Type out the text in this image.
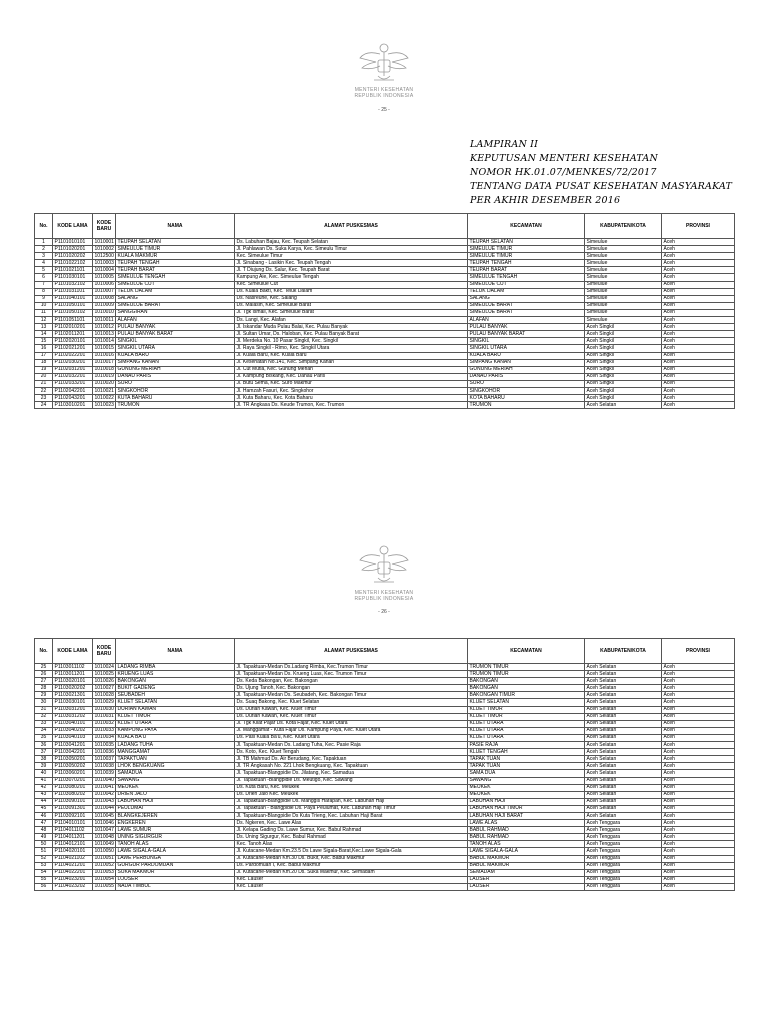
MENTERI KESEHATAN
REPUBLIK INDONESIA
- 25 -
LAMPIRAN II
KEPUTUSAN MENTERI KESEHATAN
NOMOR HK.01.07/MENKES/72/2017
TENTANG DATA PUSAT KESEHATAN MASYARAKAT
PER AKHIR DESEMBER 2016
No.	KODE LAMA	KODE BARU	NAMA	ALAMAT PUSKESMAS	KECAMATAN	KABUPATEN/KOTA	PROVINSI
1	P1101010101	1010001	TEUPAH SELATAN	Ds. Labuhan Bajau, Kec. Teupah Selatan	TEUPAH SELATAN	Simeulue	Aceh
2	P1101020201	1010002	SIMEULUE TIMUR	Jl. Pahlawan Ds. Suka Karya, Kec. Simeulu Timur	SIMEULUE TIMUR	Simeulue	Aceh
3	P1101020202	1012500	KUALA MAKMUR	Kec. Simeulue Timur	SIMEULUE TIMUR	Simeulue	Aceh
4	P1101022102	1010003	TEUPAH TENGAH	Jl. Sinabang - Lasikin Kec. Teupah Tengah	TEUPAH TENGAH	Simeulue	Aceh
5	P1101021101	1010004	TEUPAH BARAT	Jl. T Diujung Ds. Salur, Kec. Teupah Barat	TEUPAH BARAT	Simeulue	Aceh
6	P1101030101	1010005	SIMEULUE TENGAH	Kampung Aie, Kec. Simeulue Tengah	SIMEULUE TENGAH	Simeulue	Aceh
7	P1101032102	1010006	SIMEULUE CUT	Kec. Simeulue Cut	SIMEULUE CUT	Simeulue	Aceh
8	P1101031101	1010007	TELUK DALAM	Ds. Kuala Bakti, Kec. Teluk Dalam	TELUK DALAM	Simeulue	Aceh
9	P1101040101	1010008	SALANG	Ds. Nasreuhe, Kec. Salang	SALANG	Simeulue	Aceh
10	P1101050101	1010009	SIMEULUE BARAT	Ds. Malasin, Kec. Simeulue Barat	SIMEULUE BARAT	Simeulue	Aceh
11	P1101050102	1010010	SANGGIRAN	Jl. Tgk Ismail, Kec. Simeulue Barat	SIMEULUE BARAT	Simeulue	Aceh
12	P1101051101	1010011	ALAFAN	Ds. Langi, Kec. Alafan	ALAFAN	Simeulue	Aceh
13	P1102010201	1010012	PULAU BANYAK	Jl. Iskandar Muda Pulau Balai, Kec. Pulau Banyak	PULAU BANYAK	Aceh Singkil	Aceh
14	P1102011201	1010013	PULAU BANYAK BARAT	Jl. Sultan Umar, Ds. Haloban, Kec. Pulau Banyak Barat	PULAU BANYAK BARAT	Aceh Singkil	Aceh
15	P1102020101	1010014	SINGKIL	Jl. Merdeka No. 10 Pasar Singkil, Kec. Singkil	SINGKIL	Aceh Singkil	Aceh
16	P1102021201	1010015	SINGKIL UTARA	Jl. Raya Singkil - Rimo, Kec. Singkil Utara	SINGKIL UTARA	Aceh Singkil	Aceh
17	P1102022201	1010016	KUALA BARU	Jl. Kuala Baru, Kec. Kuala Baru	KUALA BARU	Aceh Singkil	Aceh
18	P1102030201	1010017	SIMPANG KANAN	Jl. Kesehatan No.141, Kec. Simpang Kanan	SIMPANG KANAN	Aceh Singkil	Aceh
19	P1102031201	1010018	GUNUNG MERIAH	Jl. Cut Mutia, Kec. Gunung Meriah	GUNUNG MERIAH	Aceh Singkil	Aceh
20	P1102032201	1010019	DANAU PARIS	Jl. Kampung Biskang, Kec. Danau Paris	DANAU PARIS	Aceh Singkil	Aceh
21	P1102033201	1010020	SURO	Jl. Butu Sema, Kec. Suro Makmur	SURO	Aceh Singkil	Aceh
22	P1102042201	1010021	SINGKOHOR	Jl. Hamzah Fasuri, Kec. Singkohor	SINGKOHOR	Aceh Singkil	Aceh
23	P1102043201	1010022	KUTA BAHARU	Jl. Kuta Baharu, Kec. Kota Baharu	KOTA BAHARU	Aceh Singkil	Aceh
24	P1103010201	1010023	TRUMON	Jl. TR Angkasa Ds. Keude Trumon, Kec. Trumon	TRUMON	Aceh Selatan	Aceh
MENTERI KESEHATAN
REPUBLIK INDONESIA
- 26 -
No.	KODE LAMA	KODE BARU	NAMA	ALAMAT PUSKESMAS	KECAMATAN	KABUPATEN/KOTA	PROVINSI
25	P1103011102	1010024	LADANG RIMBA	Jl. Tapaktuan-Medan Ds.Ladang Rimba, Kec.Trumon Timur	TRUMON TIMUR	Aceh Selatan	Aceh
26	P1103011201	1010025	KRUENG LUAS	Jl. Tapaktuan-Medan Ds. Krueng Luas, Kec. Trumon Timur	TRUMON TIMUR	Aceh Selatan	Aceh
27	P1103020101	1010026	BAKONGAN	Ds. Keda Bakongan, Kec. Bakongan	BAKONGAN	Aceh Selatan	Aceh
28	P1103020202	1010027	BUKIT GADENG	Ds. Ujung Tanoh, Kec. Bakongan	BAKONGAN	Aceh Selatan	Aceh
29	P1103021301	1010028	SEUBADEH	Jl. Tapaktuan-Medan Ds. Seubadeh, Kec. Bakongan Timur	BAKONGAN TIMUR	Aceh Selatan	Aceh
30	P1103030101	1010029	KLUET SELATAN	Ds. Suaq Bakong, Kec. Kluet Selatan	KLUET SELATAN	Aceh Selatan	Aceh
31	P1103031201	1010030	DURIAN KAWAN	Ds. Durian Kawan, Kec. Kluet Timur	KLUET TIMUR	Aceh Selatan	Aceh
32	P1103031202	1010031	KLUET TIMUR	Ds. Durian Kawan, Kec. Kluet Timur	KLUET TIMUR	Aceh Selatan	Aceh
33	P1103040101	1010032	KLUET UTARA	Jl. Tgk Kilat Pajar Ds. Kota Fajar, Kec. Kluet Utara	KLUET UTARA	Aceh Selatan	Aceh
34	P1103040202	1010033	KAMPONG PAYA	Jl. Manggamat - Kuta Fajar Ds. Kampung Paya, Kec. Kluet Utara	KLUET UTARA	Aceh Selatan	Aceh
35	P1103040103	1010034	KUALA BA'U	Ds. Pasi Kuala Ba'u, Kec. Kluet Utara	KLUET UTARA	Aceh Selatan	Aceh
36	P1103041201	1010035	LADANG TUHA	Jl. Tapaktuan-Medan Ds. Ladang Tuha, Kec. Pasie Raja	PASIE RAJA	Aceh Selatan	Aceh
37	P1103042201	1010036	MANGGAMAT	Ds. Koto, Kec. Kluet Tengah	KLUET TENGAH	Aceh Selatan	Aceh
38	P1103050201	1010037	TAPAKTUAN	Jl. TB Mahmud Ds. Air Berudang, Kec. Tapaktuan	TAPAK TUAN	Aceh Selatan	Aceh
39	P1103050202	1010038	LHOK BENGKUANG	Jl. TR Angkasah No. 221 Lhok Bengkuang, Kec. Tapaktuan	TAPAK TUAN	Aceh Selatan	Aceh
40	P1103060201	1010039	SAMADUA	Jl. Tapaktuan-Blangpidie Ds. Jilatang, Kec. Samadua	SAMA DUA	Aceh Selatan	Aceh
41	P1103070201	1010040	SAWANG	Jl. Tapaktuan -Blangpidie Ds. Meutigo, Kec. Sawang	SAWANG	Aceh Selatan	Aceh
42	P1103080201	1010041	MEUKEK	Ds. Kuta Baru, Kec. Meukek	MEUKEK	Aceh Selatan	Aceh
43	P1103080202	1010042	DRIEN JALO	Ds. Drien Jalo Kec. Meukek	MEUKEK	Aceh Selatan	Aceh
44	P1103090101	1010043	LABUHAN HAJI	Jl. Tapaktuan-Blangpidie Ds. Manggis Harapan, Kec. Labuhan Haji	LABUHAN HAJI	Aceh Selatan	Aceh
45	P1103091301	1010044	PEULUMAT	Jl. Tapaktuan - Blangpidie Ds. Paya Peulumat, Kec. Labuhan Haji Timur	LABUHAN HAJI TIMUR	Aceh Selatan	Aceh
46	P1103092101	1010045	BLANGKEJEREN	Jl. Tapaktuan-Blangpidie Ds Kuta Trieng, Kec. Labuhan Haji Barat	LABUHAN HAJI BARAT	Aceh Selatan	Aceh
47	P1104010101	1010046	ENGKEREN	Ds. Ngkeren, Kec. Lawe Alas	LAWE ALAS	Aceh Tenggara	Aceh
48	P1104011102	1010047	LAWE SUMUR	Jl. Kelapa Gading Ds. Lawe Sumur, Kec. Babul Rahmad	BABUL RAHMAD	Aceh Tenggara	Aceh
49	P1104011201	1010048	UNING SIGURGUR	Ds. Uning Sigurgur, Kec. Babul Rahmad	BABUL RAHMAD	Aceh Tenggara	Aceh
50	P1104012101	1010049	TANOH ALAS	Kec. Tanoh Alas	TANOH ALAS	Aceh Tenggara	Aceh
51	P1104020101	1010050	LAWE SIGALA-GALA	Jl. Kutacane-Medan Km.23.5 Ds Lawe Sigala-Barat,Kec.Lawe Sigala-Gala	LAWE SIGALA-GALA	Aceh Tenggara	Aceh
52	P1104021102	1010051	LAWE PERBUNGA	Jl. Kutacane-Medan Km.30 Ds. Bukit, Kec. Babul Makmur	BABUL MAKMUR	Aceh Tenggara	Aceh
53	P1104021201	1010052	GURGUR PARDOMUAN	Ds. Pardomuan I, Kec. Babul Makmur	BABUL MAKMUR	Aceh Tenggara	Aceh
54	P1104022201	1010053	SUKA MAKMUR	Jl. Kutacane-Medan Km.20 Ds. Suka Makmur, Kec. Semadam	SEMADAM	Aceh Tenggara	Aceh
55	P1104023201	1010054	LOUSER	Kec. Lauser	LAUSER	Aceh Tenggara	Aceh
56	P1104023202	1010055	NADA TIMBUL	Kec. Lauser	LAUSER	Aceh Tenggara	Aceh
